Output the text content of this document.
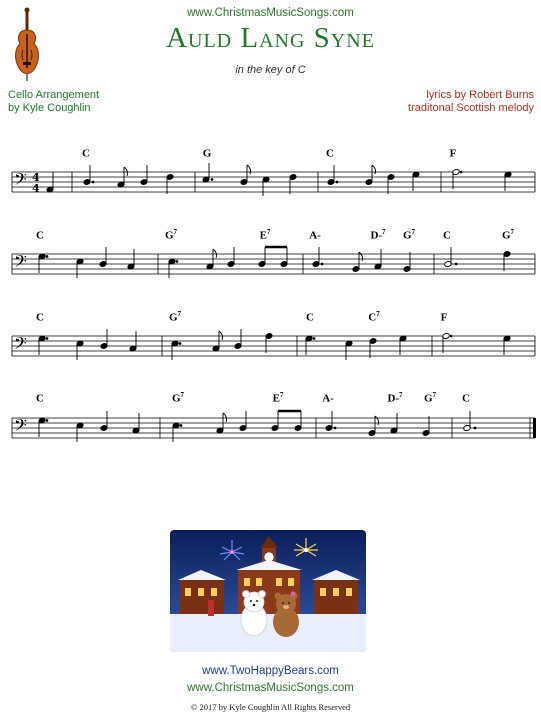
www.ChristmasMusicSongs.com
Auld Lang Syne
in the key of C
Cello Arrangement
by Kyle Coughlin
lyrics by Robert Burns
traditonal Scottish melody
C	G	C	F
C	$G^7$	$E^7$	A-	D-$^7$ $G^7$	C	$G^7$
C	$G^7$	C	$C^7$	F
C	$G^7$	$E^7$	A-	D-$^7$ $G^7$ C
𝄢 4
4
𝄢
𝄢
𝄢
www.TwoHappyBears.com
www.ChristmasMusicSongs.com
© 2017 by Kyle Coughlin All Rights Reserved
